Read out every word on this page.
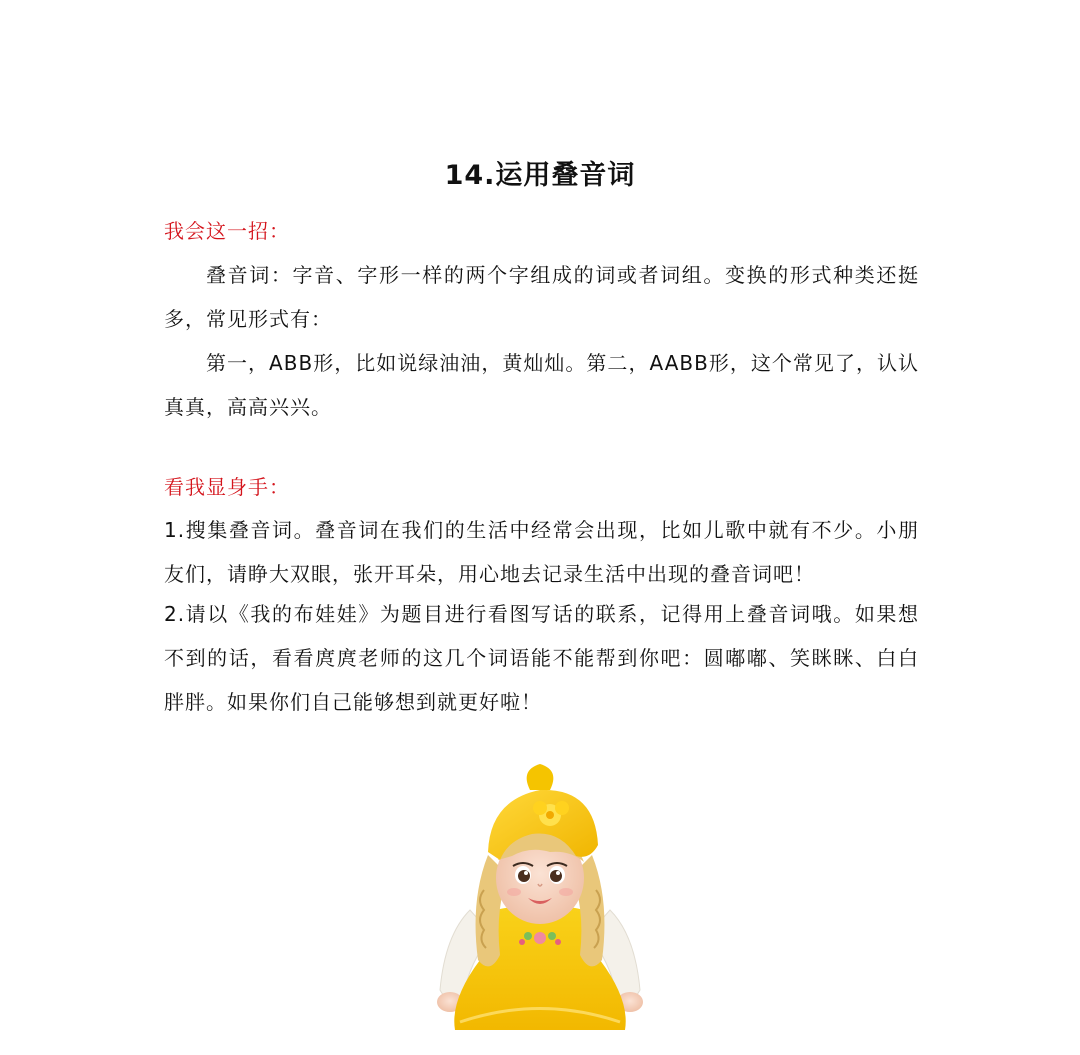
14.运用叠音词
我会这一招：

叠音词：字音、字形一样的两个字组成的词或者词组。变换的形式种类还挺多，常见形式有：

第一，ABB形，比如说绿油油，黄灿灿。第二，AABB形，这个常见了，认认真真，高高兴兴。

看我显身手：

1.搜集叠音词。叠音词在我们的生活中经常会出现，比如儿歌中就有不少。小朋友们，请睁大双眼，张开耳朵，用心地去记录生活中出现的叠音词吧！

2.请以《我的布娃娃》为题目进行看图写话的联系，记得用上叠音词哦。如果想不到的话，看看庹庹老师的这几个词语能不能帮到你吧：圆嘟嘟、笑眯眯、白白胖胖。如果你们自己能够想到就更好啦！
